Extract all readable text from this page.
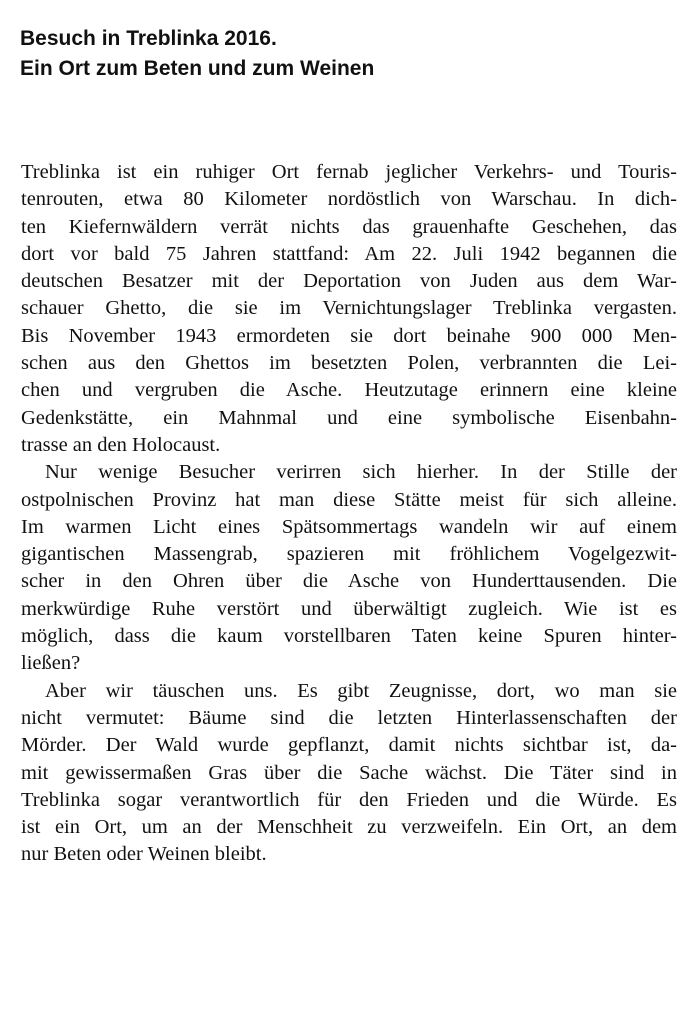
Besuch in Treblinka 2016.
Ein Ort zum Beten und zum Weinen
Treblinka ist ein ruhiger Ort fernab jeglicher Verkehrs- und Touris-
tenrouten, etwa 80 Kilometer nordöstlich von Warschau. In dich-
ten Kiefernwäldern verrät nichts das grauenhafte Geschehen, das
dort vor bald 75 Jahren stattfand: Am 22. Juli 1942 begannen die
deutschen Besatzer mit der Deportation von Juden aus dem War-
schauer Ghetto, die sie im Vernichtungslager Treblinka vergasten.
Bis November 1943 ermordeten sie dort beinahe 900 000 Men-
schen aus den Ghettos im besetzten Polen, verbrannten die Lei-
chen und vergruben die Asche. Heutzutage erinnern eine kleine
Gedenkstätte, ein Mahnmal und eine symbolische Eisenbahn-
trasse an den Holocaust.
Nur wenige Besucher verirren sich hierher. In der Stille der
ostpolnischen Provinz hat man diese Stätte meist für sich alleine.
Im warmen Licht eines Spätsommertags wandeln wir auf einem
gigantischen Massengrab, spazieren mit fröhlichem Vogelgezwit-
scher in den Ohren über die Asche von Hunderttausenden. Die
merkwürdige Ruhe verstört und überwältigt zugleich. Wie ist es
möglich, dass die kaum vorstellbaren Taten keine Spuren hinter-
ließen?
Aber wir täuschen uns. Es gibt Zeugnisse, dort, wo man sie
nicht vermutet: Bäume sind die letzten Hinterlassenschaften der
Mörder. Der Wald wurde gepflanzt, damit nichts sichtbar ist, da-
mit gewissermaßen Gras über die Sache wächst. Die Täter sind in
Treblinka sogar verantwortlich für den Frieden und die Würde. Es
ist ein Ort, um an der Menschheit zu verzweifeln. Ein Ort, an dem
nur Beten oder Weinen bleibt.
